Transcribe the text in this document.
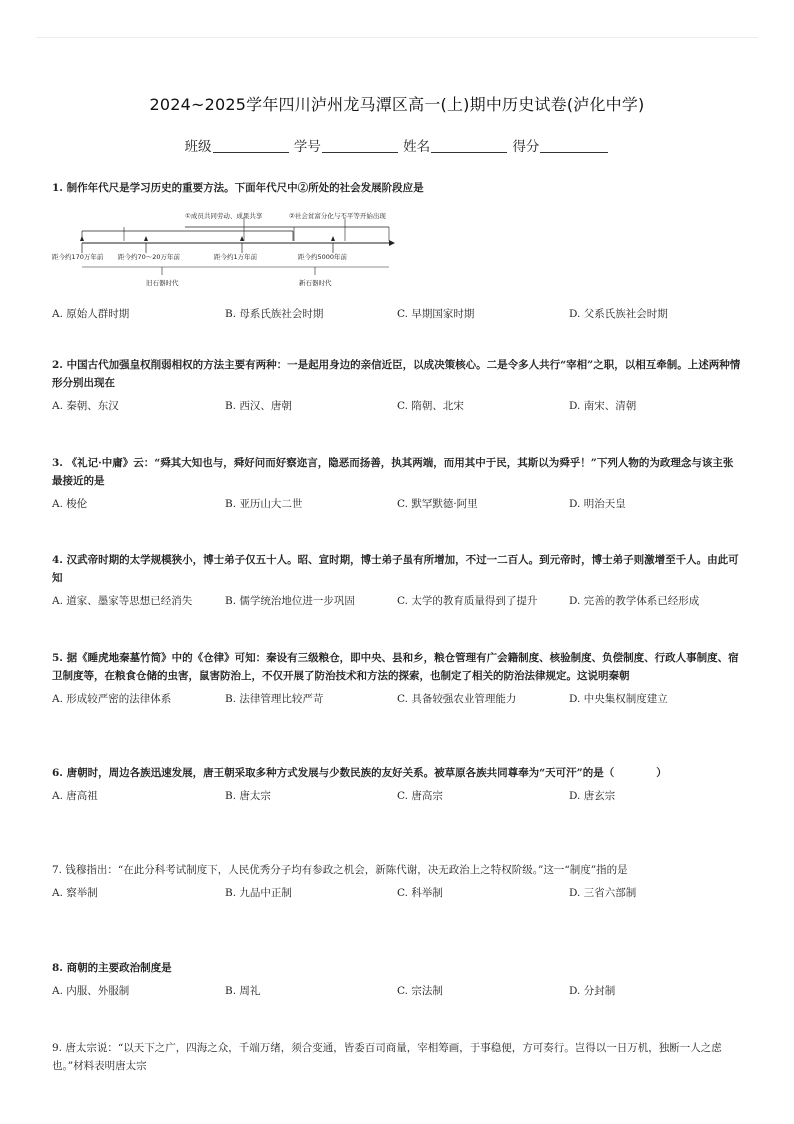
2024~2025学年四川泸州龙马潭区高一(上)期中历史试卷(泸化中学)
班级	学号	姓名	得分
1. 制作年代尺是学习历史的重要方法。下面年代尺中②所处的社会发展阶段应是
①成员共同劳动、成果共享	②社会贫富分化与不平等开始出现
距今约170万年前 距今约70～20万年前	距今约1万年前	距今约5000年前
旧石器时代	新石器时代
A. 原始人群时期	B. 母系氏族社会时期	C. 早期国家时期	D. 父系氏族社会时期
2. 中国古代加强皇权削弱相权的方法主要有两种：一是起用身边的亲信近臣，以成决策核心。二是令多人共行“宰相”之职，以相互牵制。上述两种情形分别出现在
A. 秦朝、东汉	B. 西汉、唐朝	C. 隋朝、北宋	D. 南宋、清朝
3. 《礼记·中庸》云：“舜其大知也与，舜好问而好察迩言，隐恶而扬善，执其两端，而用其中于民，其斯以为舜乎！”下列人物的为政理念与该主张最接近的是
A. 梭伦	B. 亚历山大二世	C. 默罕默德·阿里	D. 明治天皇
4. 汉武帝时期的太学规模狭小，博士弟子仅五十人。昭、宣时期，博士弟子虽有所增加，不过一二百人。到元帝时，博士弟子则激增至千人。由此可知
A. 道家、墨家等思想已经消失	B. 儒学统治地位进一步巩固	C. 太学的教育质量得到了提升	D. 完善的教学体系已经形成
5. 据《睡虎地秦墓竹简》中的《仓律》可知：秦设有三级粮仓，即中央、县和乡，粮仓管理有广会籍制度、核验制度、负偿制度、行政人事制度、宿卫制度等，在粮食仓储的虫害，鼠害防治上，不仅开展了防治技术和方法的探索，也制定了相关的防治法律规定。这说明秦朝
A. 形成较严密的法律体系	B. 法律管理比较严苛	C. 具备较强农业管理能力	D. 中央集权制度建立
6. 唐朝时，周边各族迅速发展，唐王朝采取多种方式发展与少数民族的友好关系。被草原各族共同尊奉为“天可汗”的是（　　　　）
A. 唐高祖	B. 唐太宗	C. 唐高宗	D. 唐玄宗
7. 钱穆指出：“在此分科考试制度下，人民优秀分子均有参政之机会，新陈代谢，决无政治上之特权阶级。”这一“制度”指的是
A. 察举制	B. 九品中正制	C. 科举制	D. 三省六部制
8. 商朝的主要政治制度是
A. 内服、外服制	B. 周礼	C. 宗法制	D. 分封制
9. 唐太宗说：“以天下之广，四海之众，千端万绪，须合变通，皆委百司商量，宰相筹画，于事稳便，方可奏行。岂得以一日万机，独断一人之虑也。”材料表明唐太宗
